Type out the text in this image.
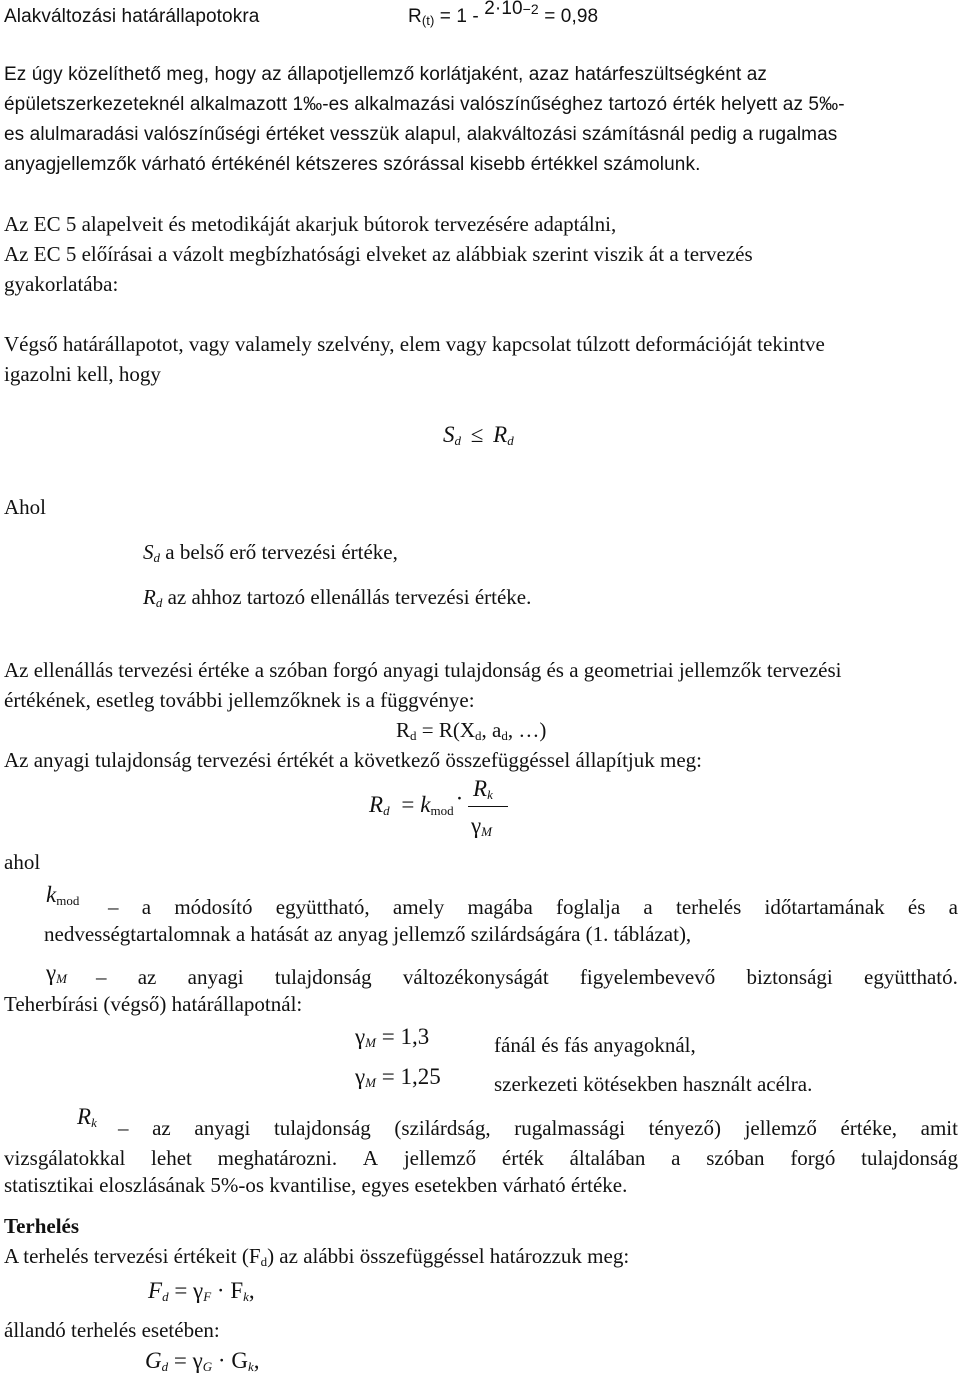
Alakváltozási határállapotokra	$R_{(t)} = 1 - 2\cdot 10^{-2} = 0,98$
Ez úgy közelíthető meg, hogy az állapotjellemző korlátjaként, azaz határfeszültségként az
épületszerkezeteknél alkalmazott 1‰-es alkalmazási valószínűséghez tartozó érték helyett az 5‰-
es alulmaradási valószínűségi értéket vesszük alapul, alakváltozási számításnál pedig a rugalmas
anyagjellemzők várható értékénél kétszeres szórással kisebb értékkel számolunk.
Az EC 5 alapelveit és metodikáját akarjuk bútorok tervezésére adaptálni,
Az EC 5 előírásai a vázolt megbízhatósági elveket az alábbiak szerint viszik át a tervezés
gyakorlatába:
Végső határállapotot, vagy valamely szelvény, elem vagy kapcsolat túlzott deformációját tekintve
igazolni kell, hogy
$S_d \le R_d$
Ahol
$S_d$ a belső erő tervezési értéke,
$R_d$ az ahhoz tartozó ellenállás tervezési értéke.
Az ellenállás tervezési értéke a szóban forgó anyagi tulajdonság és a geometriai jellemzők tervezési
értékének, esetleg további jellemzőknek is a függvénye:
$R_d = R(X_d$, $a_d$, …)
Az anyagi tulajdonság tervezési értékét a következő összefüggéssel állapítjuk meg:
$R_d = k_{mod}\cdot R_k$
$\gamma_M$
ahol
$k_{mod}$ – a módosító együttható, amely magába foglalja a terhelés időtartamának és a
nedvességtartalomnak a hatását az anyag jellemző szilárdságára (1. táblázat),
$\gamma_M$ – az anyagi tulajdonság változékonyságát figyelembevevő biztonsági együttható.
Teherbírási (végső) határállapotnál:
$\gamma_M = 1,3$	fánál és fás anyagoknál,
$\gamma_M = 1,25$	szerkezeti kötésekben használt acélra.
$R_k$ – az anyagi tulajdonság (szilárdság, rugalmassági tényező) jellemző értéke, amit
vizsgálatokkal lehet meghatározni. A jellemző érték általában a szóban forgó tulajdonság
statisztikai eloszlásának 5%-os kvantilise, egyes esetekben várható értéke.
Terhelés
A terhelés tervezési értékeit $(F_d)$ az alábbi összefüggéssel határozzuk meg:
$F_d = \gamma_F \cdot F_k$,
állandó terhelés esetében:
$G_d = \gamma_G \cdot G_k$,
